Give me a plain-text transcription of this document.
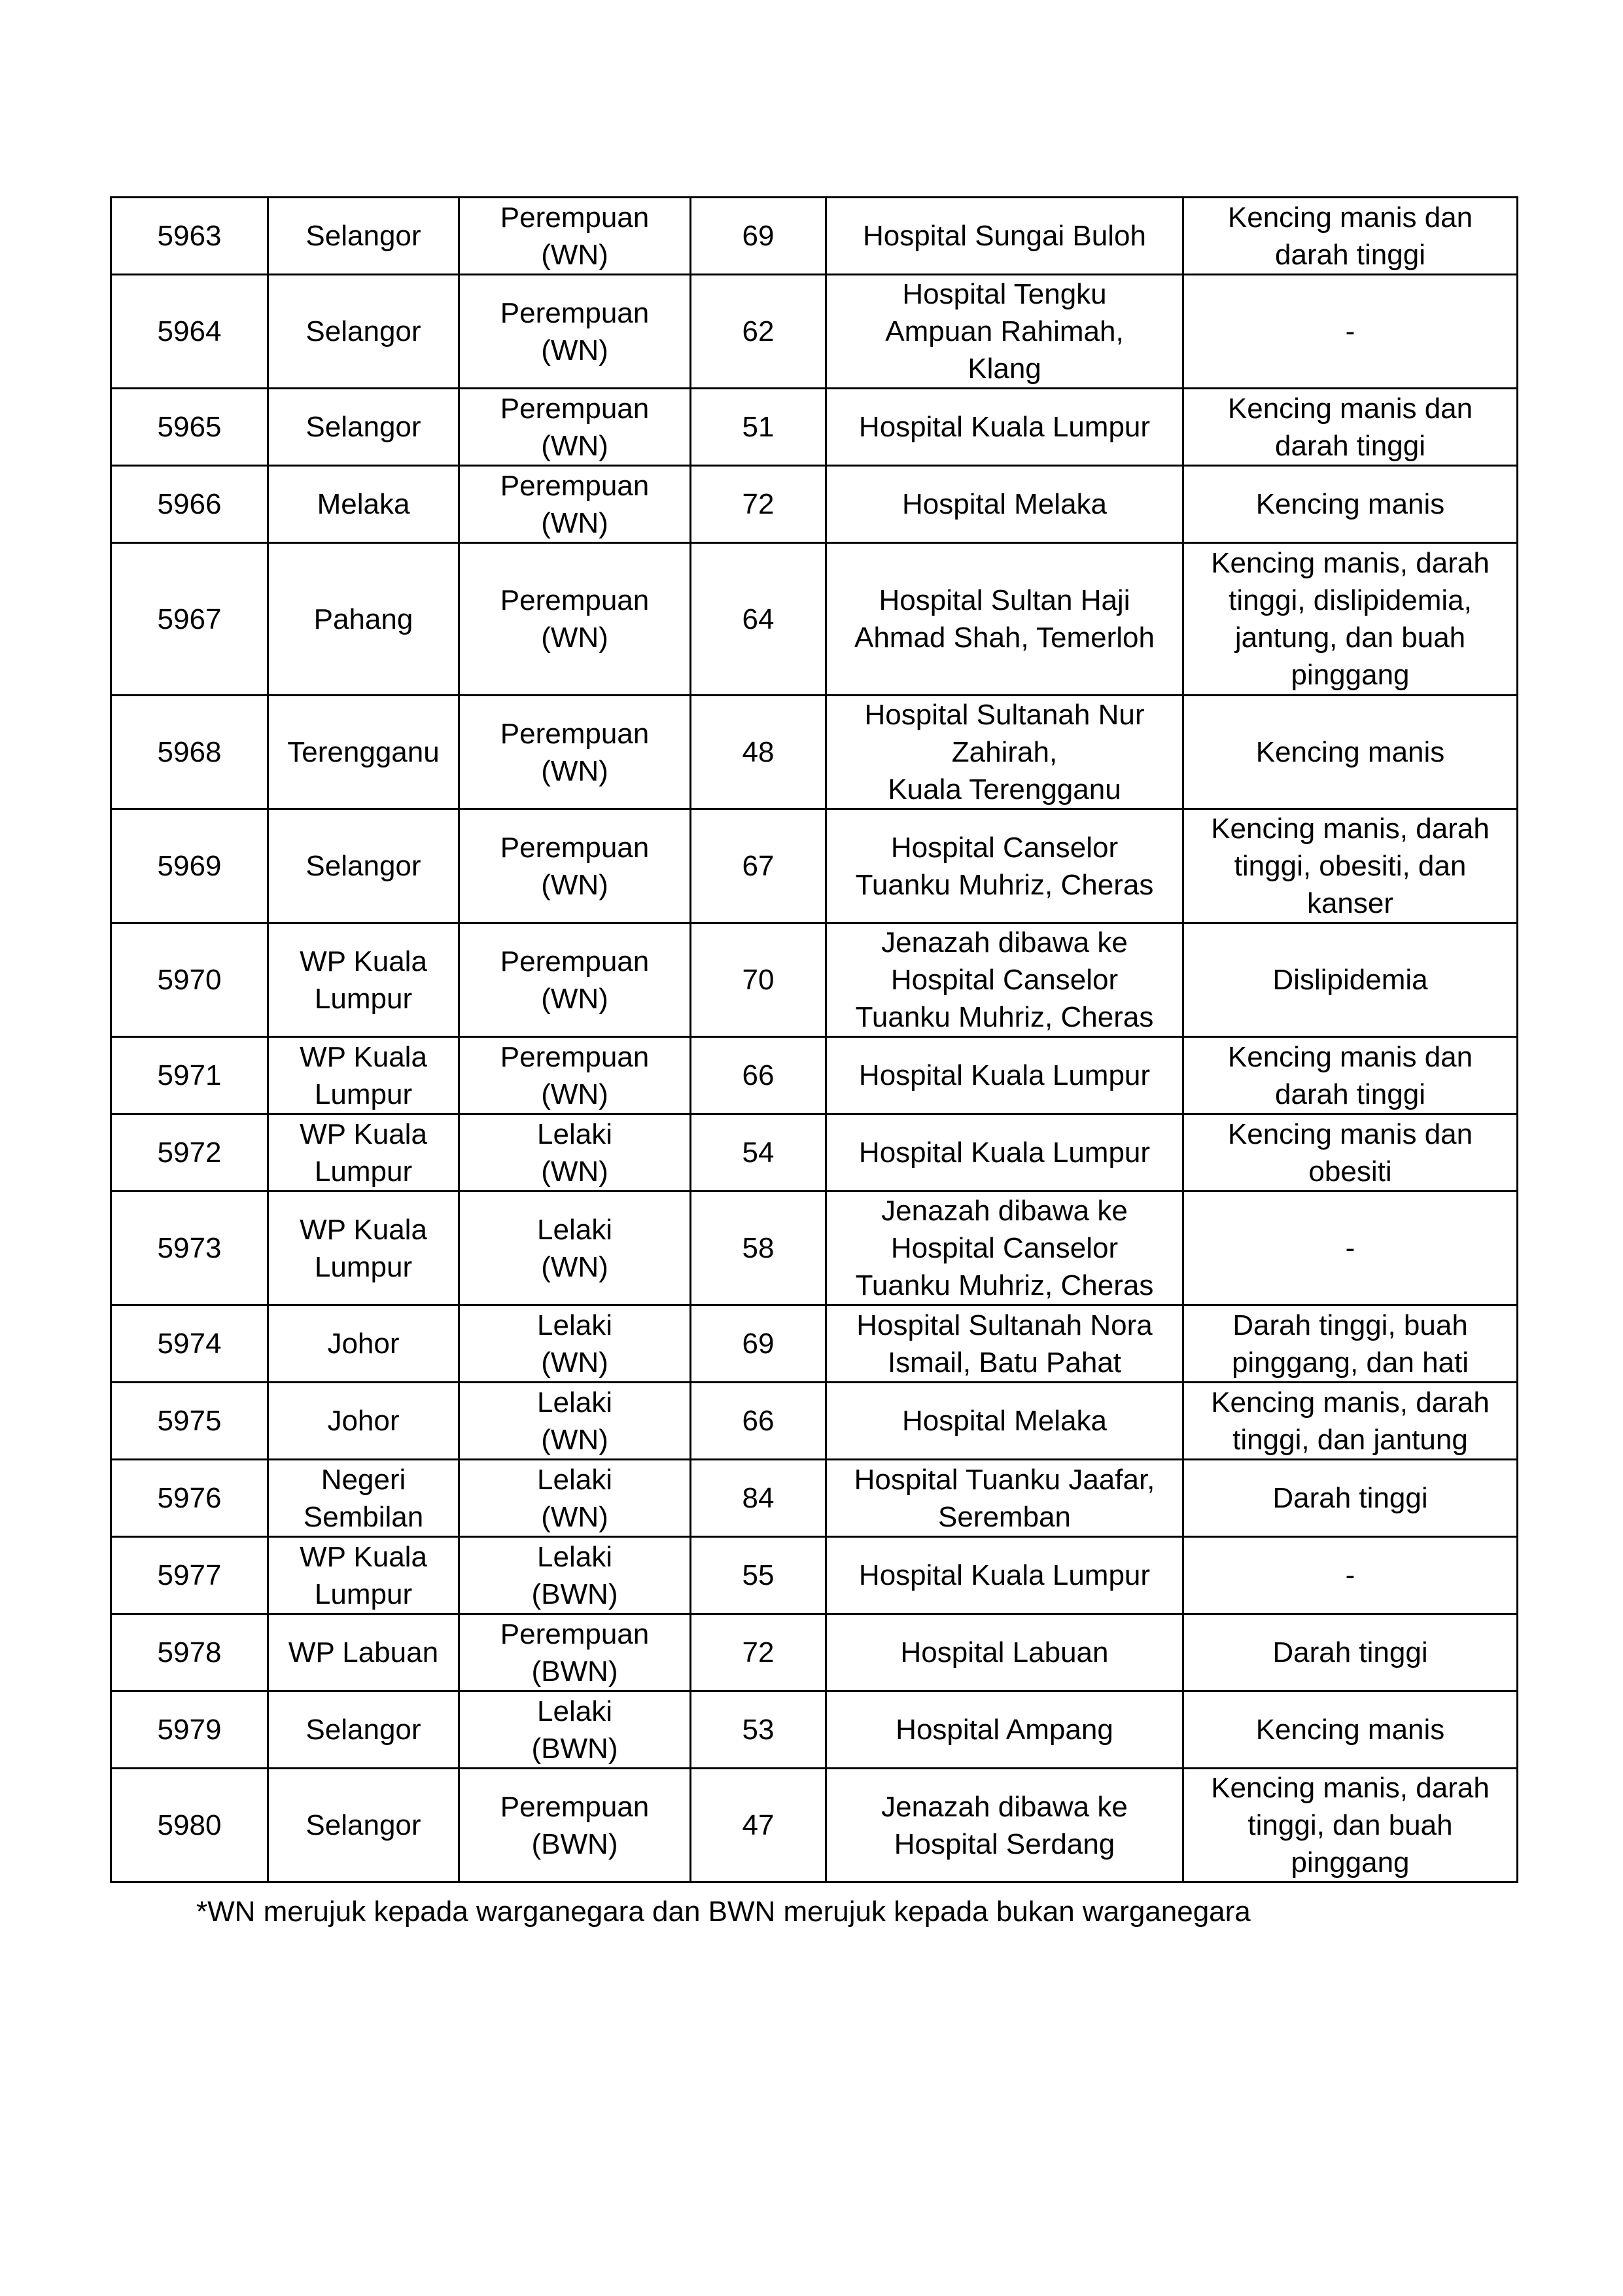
5963	Selangor	Perempuan
(WN)	69	Hospital Sungai Buloh	Kencing manis dan
darah tinggi

5964	Selangor	Perempuan
(WN)	62	Hospital Tengku
Ampuan Rahimah,
Klang	-

5965	Selangor	Perempuan
(WN)	51	Hospital Kuala Lumpur	Kencing manis dan
darah tinggi

5966	Melaka	Perempuan
(WN)	72	Hospital Melaka	Kencing manis

5967	Pahang	Perempuan
(WN)	64	Hospital Sultan Haji
Ahmad Shah, Temerloh	Kencing manis, darah
tinggi, dislipidemia,
jantung, dan buah
pinggang

5968	Terengganu	Perempuan
(WN)	48	Hospital Sultanah Nur
Zahirah,
Kuala Terengganu	Kencing manis

5969	Selangor	Perempuan
(WN)	67	Hospital Canselor
Tuanku Muhriz, Cheras	Kencing manis, darah
tinggi, obesiti, dan
kanser

5970	WP Kuala
Lumpur	Perempuan
(WN)	70	Jenazah dibawa ke
Hospital Canselor
Tuanku Muhriz, Cheras	Dislipidemia

5971	WP Kuala
Lumpur	Perempuan
(WN)	66	Hospital Kuala Lumpur	Kencing manis dan
darah tinggi

5972	WP Kuala
Lumpur	Lelaki
(WN)	54	Hospital Kuala Lumpur	Kencing manis dan
obesiti

5973	WP Kuala
Lumpur	Lelaki
(WN)	58	Jenazah dibawa ke
Hospital Canselor
Tuanku Muhriz, Cheras	-

5974	Johor	Lelaki
(WN)	69	Hospital Sultanah Nora
Ismail, Batu Pahat	Darah tinggi, buah
pinggang, dan hati

5975	Johor	Lelaki
(WN)	66	Hospital Melaka	Kencing manis, darah
tinggi, dan jantung

5976	Negeri
Sembilan	Lelaki
(WN)	84	Hospital Tuanku Jaafar,
Seremban	Darah tinggi

5977	WP Kuala
Lumpur	Lelaki
(BWN)	55	Hospital Kuala Lumpur	-

5978	WP Labuan	Perempuan
(BWN)	72	Hospital Labuan	Darah tinggi

5979	Selangor	Lelaki
(BWN)	53	Hospital Ampang	Kencing manis

5980	Selangor	Perempuan
(BWN)	47	Jenazah dibawa ke
Hospital Serdang	Kencing manis, darah
tinggi, dan buah
pinggang
*WN merujuk kepada warganegara dan BWN merujuk kepada bukan warganegara
